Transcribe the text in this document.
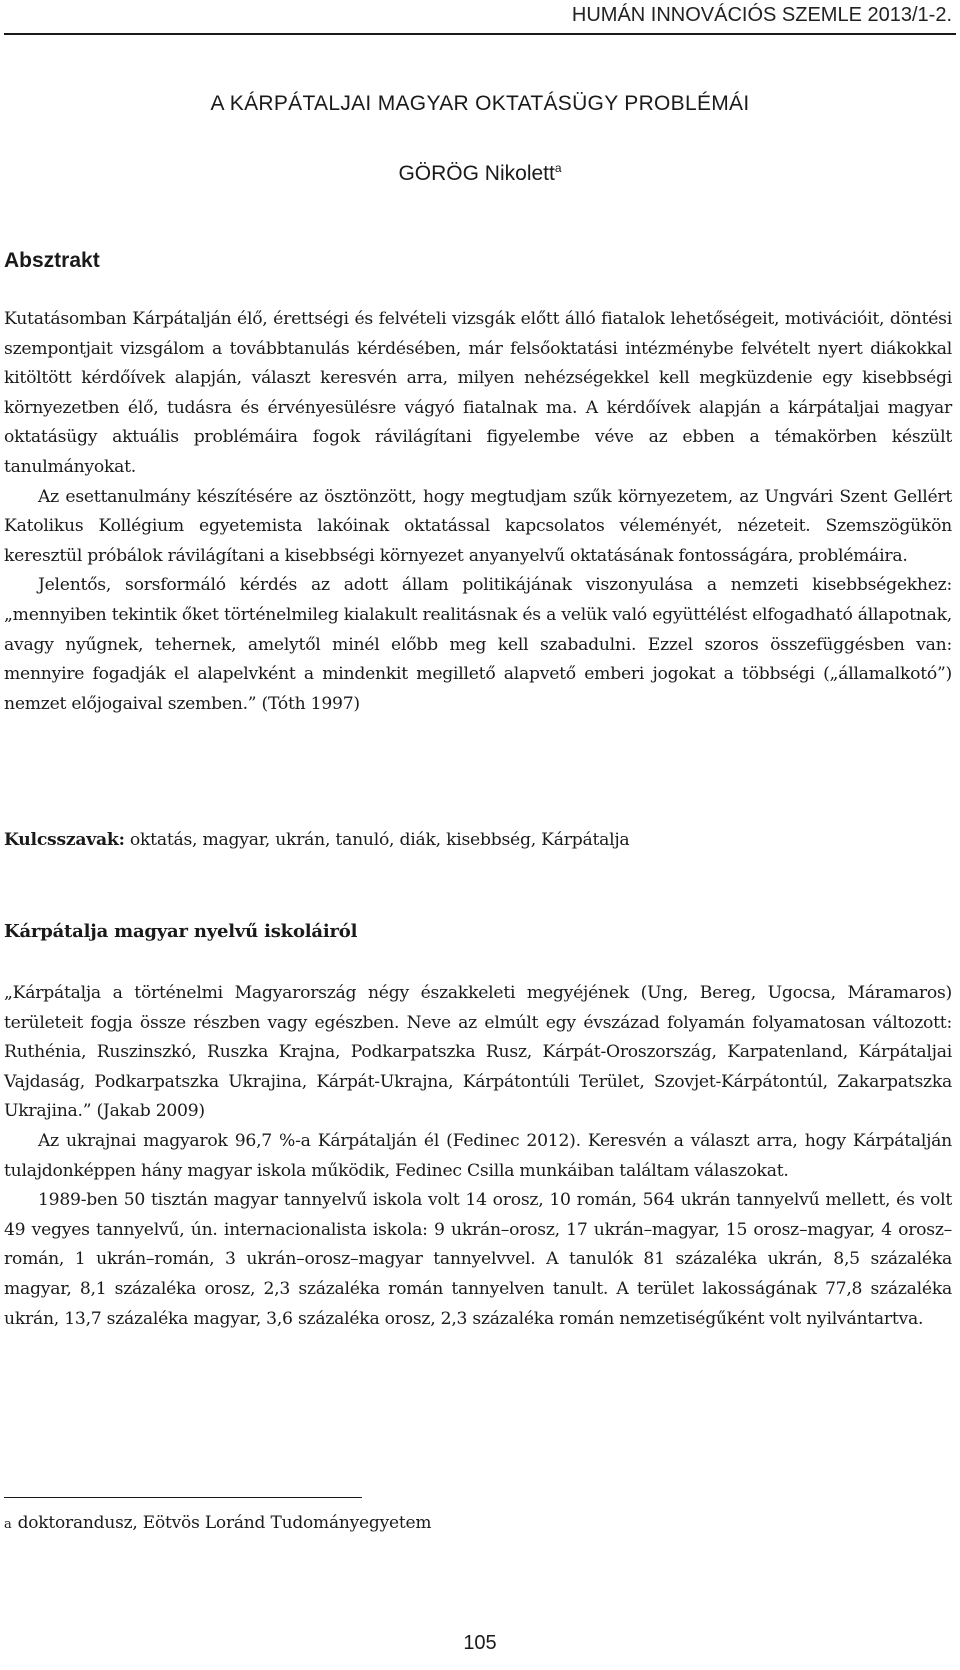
HUMÁN INNOVÁCIÓS SZEMLE 2013/1-2.
A KÁRPÁTALJAI MAGYAR OKTATÁSÜGY PROBLÉMÁI
GÖRÖG Nikolett$^a$
Absztrakt

Kutatásomban Kárpátalján élő, érettségi és felvételi vizsgák előtt álló fiatalok lehetőségeit, motivációit, döntési szempontjait vizsgálom a továbbtanulás kérdésében, már felsőoktatási intézménybe felvételt nyert diákokkal kitöltött kérdőívek alapján, választ keresvén arra, milyen nehézségekkel kell megküzdenie egy kisebbségi környezetben élő, tudásra és érvényesülésre vágyó fiatalnak ma. A kérdőívek alapján a kárpátaljai magyar oktatásügy aktuális problémáira fogok rávilágítani figyelembe véve az ebben a témakörben készült tanulmányokat.

Az esettanulmány készítésére az ösztönzött, hogy megtudjam szűk környezetem, az Ungvári Szent Gellért Katolikus Kollégium egyetemista lakóinak oktatással kapcsolatos véleményét, nézeteit. Szemszögükön keresztül próbálok rávilágítani a kisebbségi környezet anyanyelvű oktatásának fontosságára, problémáira.

Jelentős, sorsformáló kérdés az adott állam politikájának viszonyulása a nemzeti kisebbségekhez: „mennyiben tekintik őket történelmileg kialakult realitásnak és a velük való együttélést elfogadható állapotnak, avagy nyűgnek, tehernek, amelytől minél előbb meg kell szabadulni. Ezzel szoros összefüggésben van: mennyire fogadják el alapelvként a mindenkit megillető alapvető emberi jogokat a többségi („államalkotó”) nemzet előjogaival szemben.” (Tóth 1997)

Kulcsszavak: oktatás, magyar, ukrán, tanuló, diák, kisebbség, Kárpátalja
Kárpátalja magyar nyelvű iskoláiról

„Kárpátalja a történelmi Magyarország négy északkeleti megyéjének (Ung, Bereg, Ugocsa, Máramaros) területeit fogja össze részben vagy egészben. Neve az elmúlt egy évszázad folyamán folyamatosan változott: Ruthénia, Ruszinszkó, Ruszka Krajna, Podkarpatszka Rusz, Kárpát-Oroszország, Karpatenland, Kárpátaljai Vajdaság, Podkarpatszka Ukrajina, Kárpát-Ukrajna, Kárpátontúli Terület, Szovjet-Kárpátontúl, Zakarpatszka Ukrajina.” (Jakab 2009)

Az ukrajnai magyarok 96,7 %-a Kárpátalján él (Fedinec 2012). Keresvén a választ arra, hogy Kárpátalján tulajdonképpen hány magyar iskola működik, Fedinec Csilla munkáiban találtam válaszokat.

1989-ben 50 tisztán magyar tannyelvű iskola volt 14 orosz, 10 román, 564 ukrán tannyelvű mellett, és volt 49 vegyes tannyelvű, ún. internacionalista iskola: 9 ukrán–orosz, 17 ukrán–magyar, 15 orosz–magyar, 4 orosz–román, 1 ukrán–román, 3 ukrán–orosz–magyar tannyelvvel. A tanulók 81 százaléka ukrán, 8,5 százaléka magyar, 8,1 százaléka orosz, 2,3 százaléka román tannyelven tanult. A terület lakosságának 77,8 százaléka ukrán, 13,7 százaléka magyar, 3,6 százaléka orosz, 2,3 százaléka román nemzetiségűként volt nyilvántartva.

a doktorandusz, Eötvös Loránd Tudományegyetem
105
